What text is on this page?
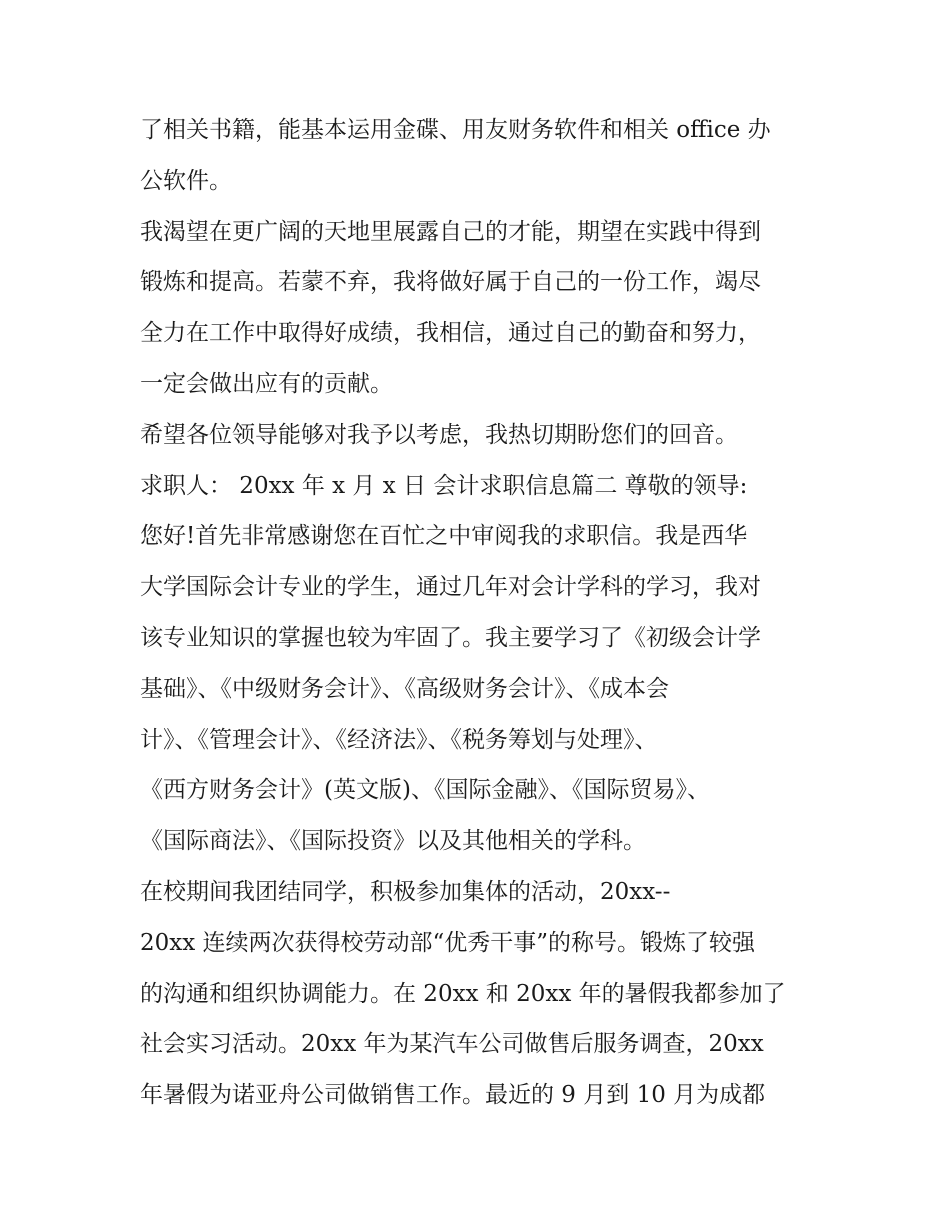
了相关书籍，能基本运用金碟、用友财务软件和相关 office 办
公软件。
我渴望在更广阔的天地里展露自己的才能，期望在实践中得到
锻炼和提高。若蒙不弃，我将做好属于自己的一份工作，竭尽
全力在工作中取得好成绩，我相信，通过自己的勤奋和努力，
一定会做出应有的贡献。
希望各位领导能够对我予以考虑，我热切期盼您们的回音。
求职人： 20xx 年 x 月 x 日 会计求职信息篇二 尊敬的领导:
您好!首先非常感谢您在百忙之中审阅我的求职信。我是西华
大学国际会计专业的学生，通过几年对会计学科的学习，我对
该专业知识的掌握也较为牢固了。我主要学习了《初级会计学
基础》、《中级财务会计》、《高级财务会计》、《成本会
计》、《管理会计》、《经济法》、《税务筹划与处理》、
《西方财务会计》(英文版)、《国际金融》、《国际贸易》、
《国际商法》、《国际投资》以及其他相关的学科。
在校期间我团结同学，积极参加集体的活动，20xx--
20xx 连续两次获得校劳动部“优秀干事”的称号。锻炼了较强
的沟通和组织协调能力。在 20xx 和 20xx 年的暑假我都参加了
社会实习活动。20xx 年为某汽车公司做售后服务调查，20xx
年暑假为诺亚舟公司做销售工作。最近的 9 月到 10 月为成都
